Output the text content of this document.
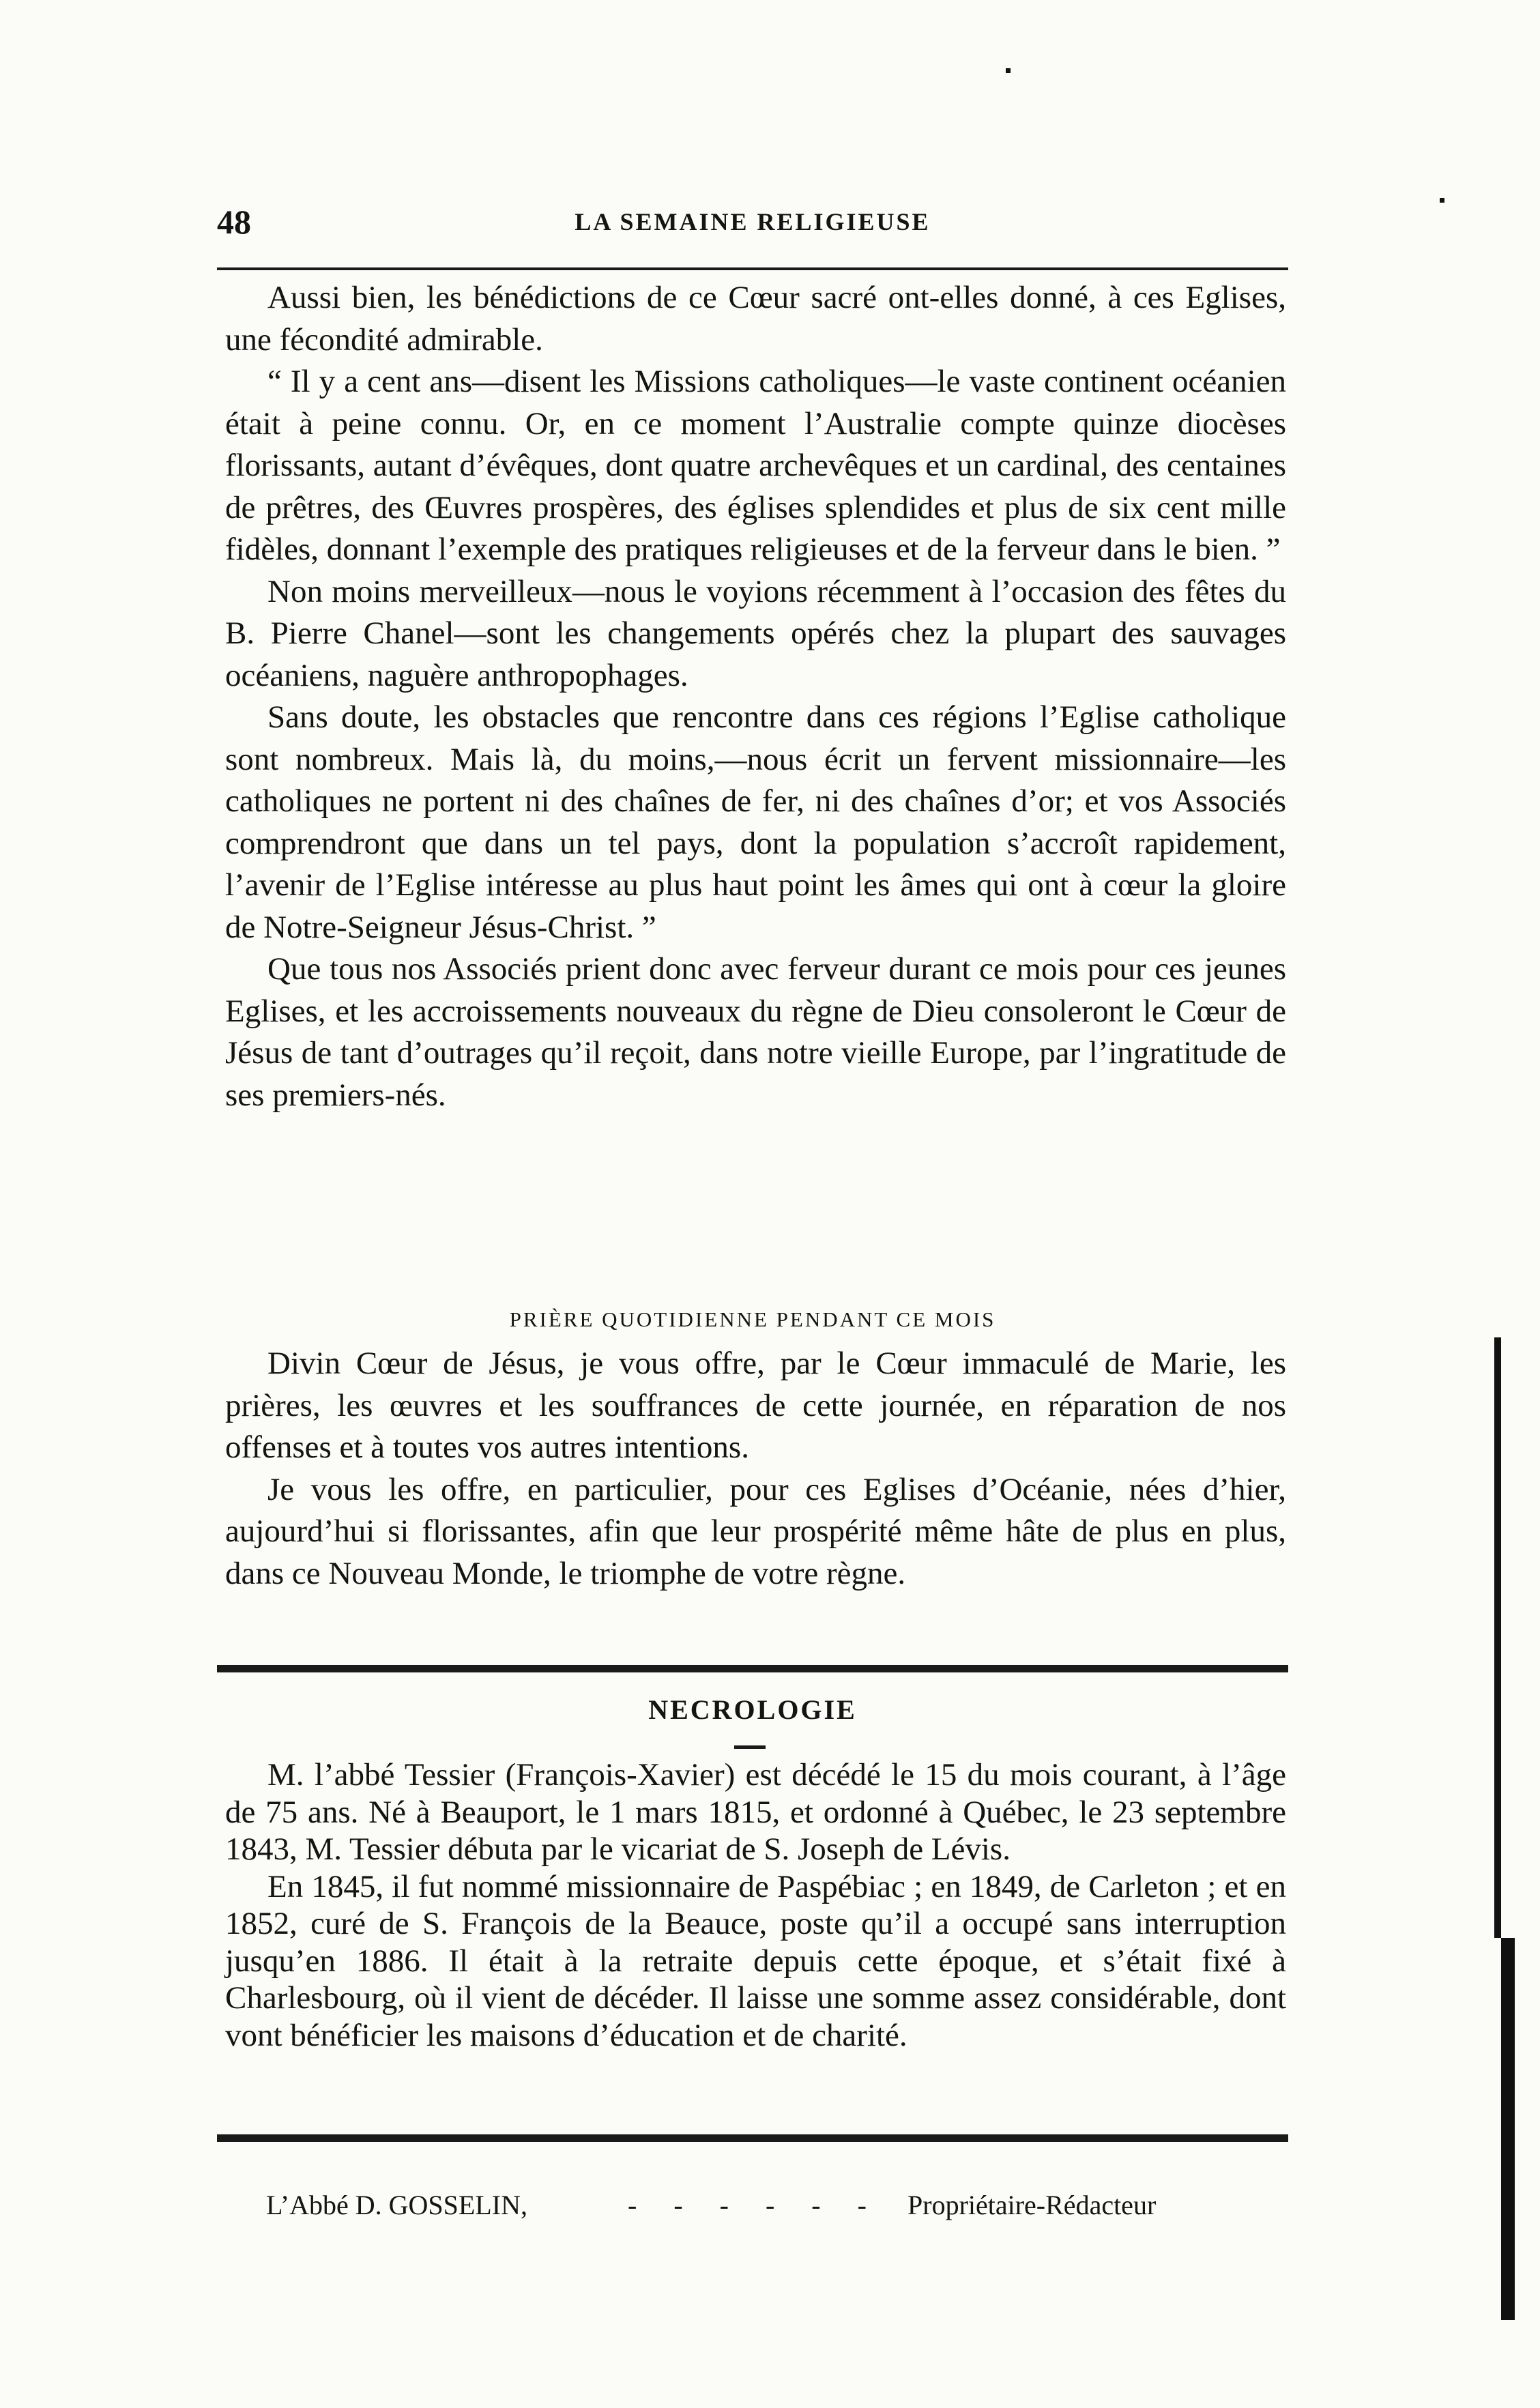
48	LA SEMAINE RELIGIEUSE

Aussi bien, les bénédictions de ce Cœur sacré ont-elles donné, à ces Eglises, une fécondité admirable.

“ Il y a cent ans—disent les Missions catholiques—le vaste continent océanien était à peine connu. Or, en ce moment l’Australie compte quinze diocèses florissants, autant d’évêques, dont quatre archevêques et un cardinal, des centaines de prêtres, des Œuvres prospères, des églises splendides et plus de six cent mille fidèles, donnant l’exemple des pratiques religieuses et de la ferveur dans le bien. ”

Non moins merveilleux—nous le voyions récemment à l’occasion des fêtes du B. Pierre Chanel—sont les changements opérés chez la plupart des sauvages océaniens, naguère anthropophages.

Sans doute, les obstacles que rencontre dans ces régions l’Eglise catholique sont nombreux. Mais là, du moins,—nous écrit un fervent missionnaire—les catholiques ne portent ni des chaînes de fer, ni des chaînes d’or; et vos Associés comprendront que dans un tel pays, dont la population s’accroît rapidement, l’avenir de l’Eglise intéresse au plus haut point les âmes qui ont à cœur la gloire de Notre-Seigneur Jésus-Christ. ”

Que tous nos Associés prient donc avec ferveur durant ce mois pour ces jeunes Eglises, et les accroissements nouveaux du règne de Dieu consoleront le Cœur de Jésus de tant d’outrages qu’il reçoit, dans notre vieille Europe, par l’ingratitude de ses premiers-nés.

PRIÈRE QUOTIDIENNE PENDANT CE MOIS

Divin Cœur de Jésus, je vous offre, par le Cœur immaculé de Marie, les prières, les œuvres et les souffrances de cette journée, en réparation de nos offenses et à toutes vos autres intentions.

Je vous les offre, en particulier, pour ces Eglises d’Océanie, nées d’hier, aujourd’hui si florissantes, afin que leur prospérité même hâte de plus en plus, dans ce Nouveau Monde, le triomphe de votre règne.

NECROLOGIE

M. l’abbé Tessier (François-Xavier) est décédé le 15 du mois courant, à l’âge de 75 ans. Né à Beauport, le 1 mars 1815, et ordonné à Québec, le 23 septembre 1843, M. Tessier débuta par le vicariat de S. Joseph de Lévis.

En 1845, il fut nommé missionnaire de Paspébiac ; en 1849, de Carleton ; et en 1852, curé de S. François de la Beauce, poste qu’il a occupé sans interruption jusqu’en 1886. Il était à la retraite depuis cette époque, et s’était fixé à Charlesbourg, où il vient de décéder. Il laisse une somme assez considérable, dont vont bénéficier les maisons d’éducation et de charité.

L’Abbé D. GOSSELIN,	- - - - - - Propriétaire-Rédacteur
